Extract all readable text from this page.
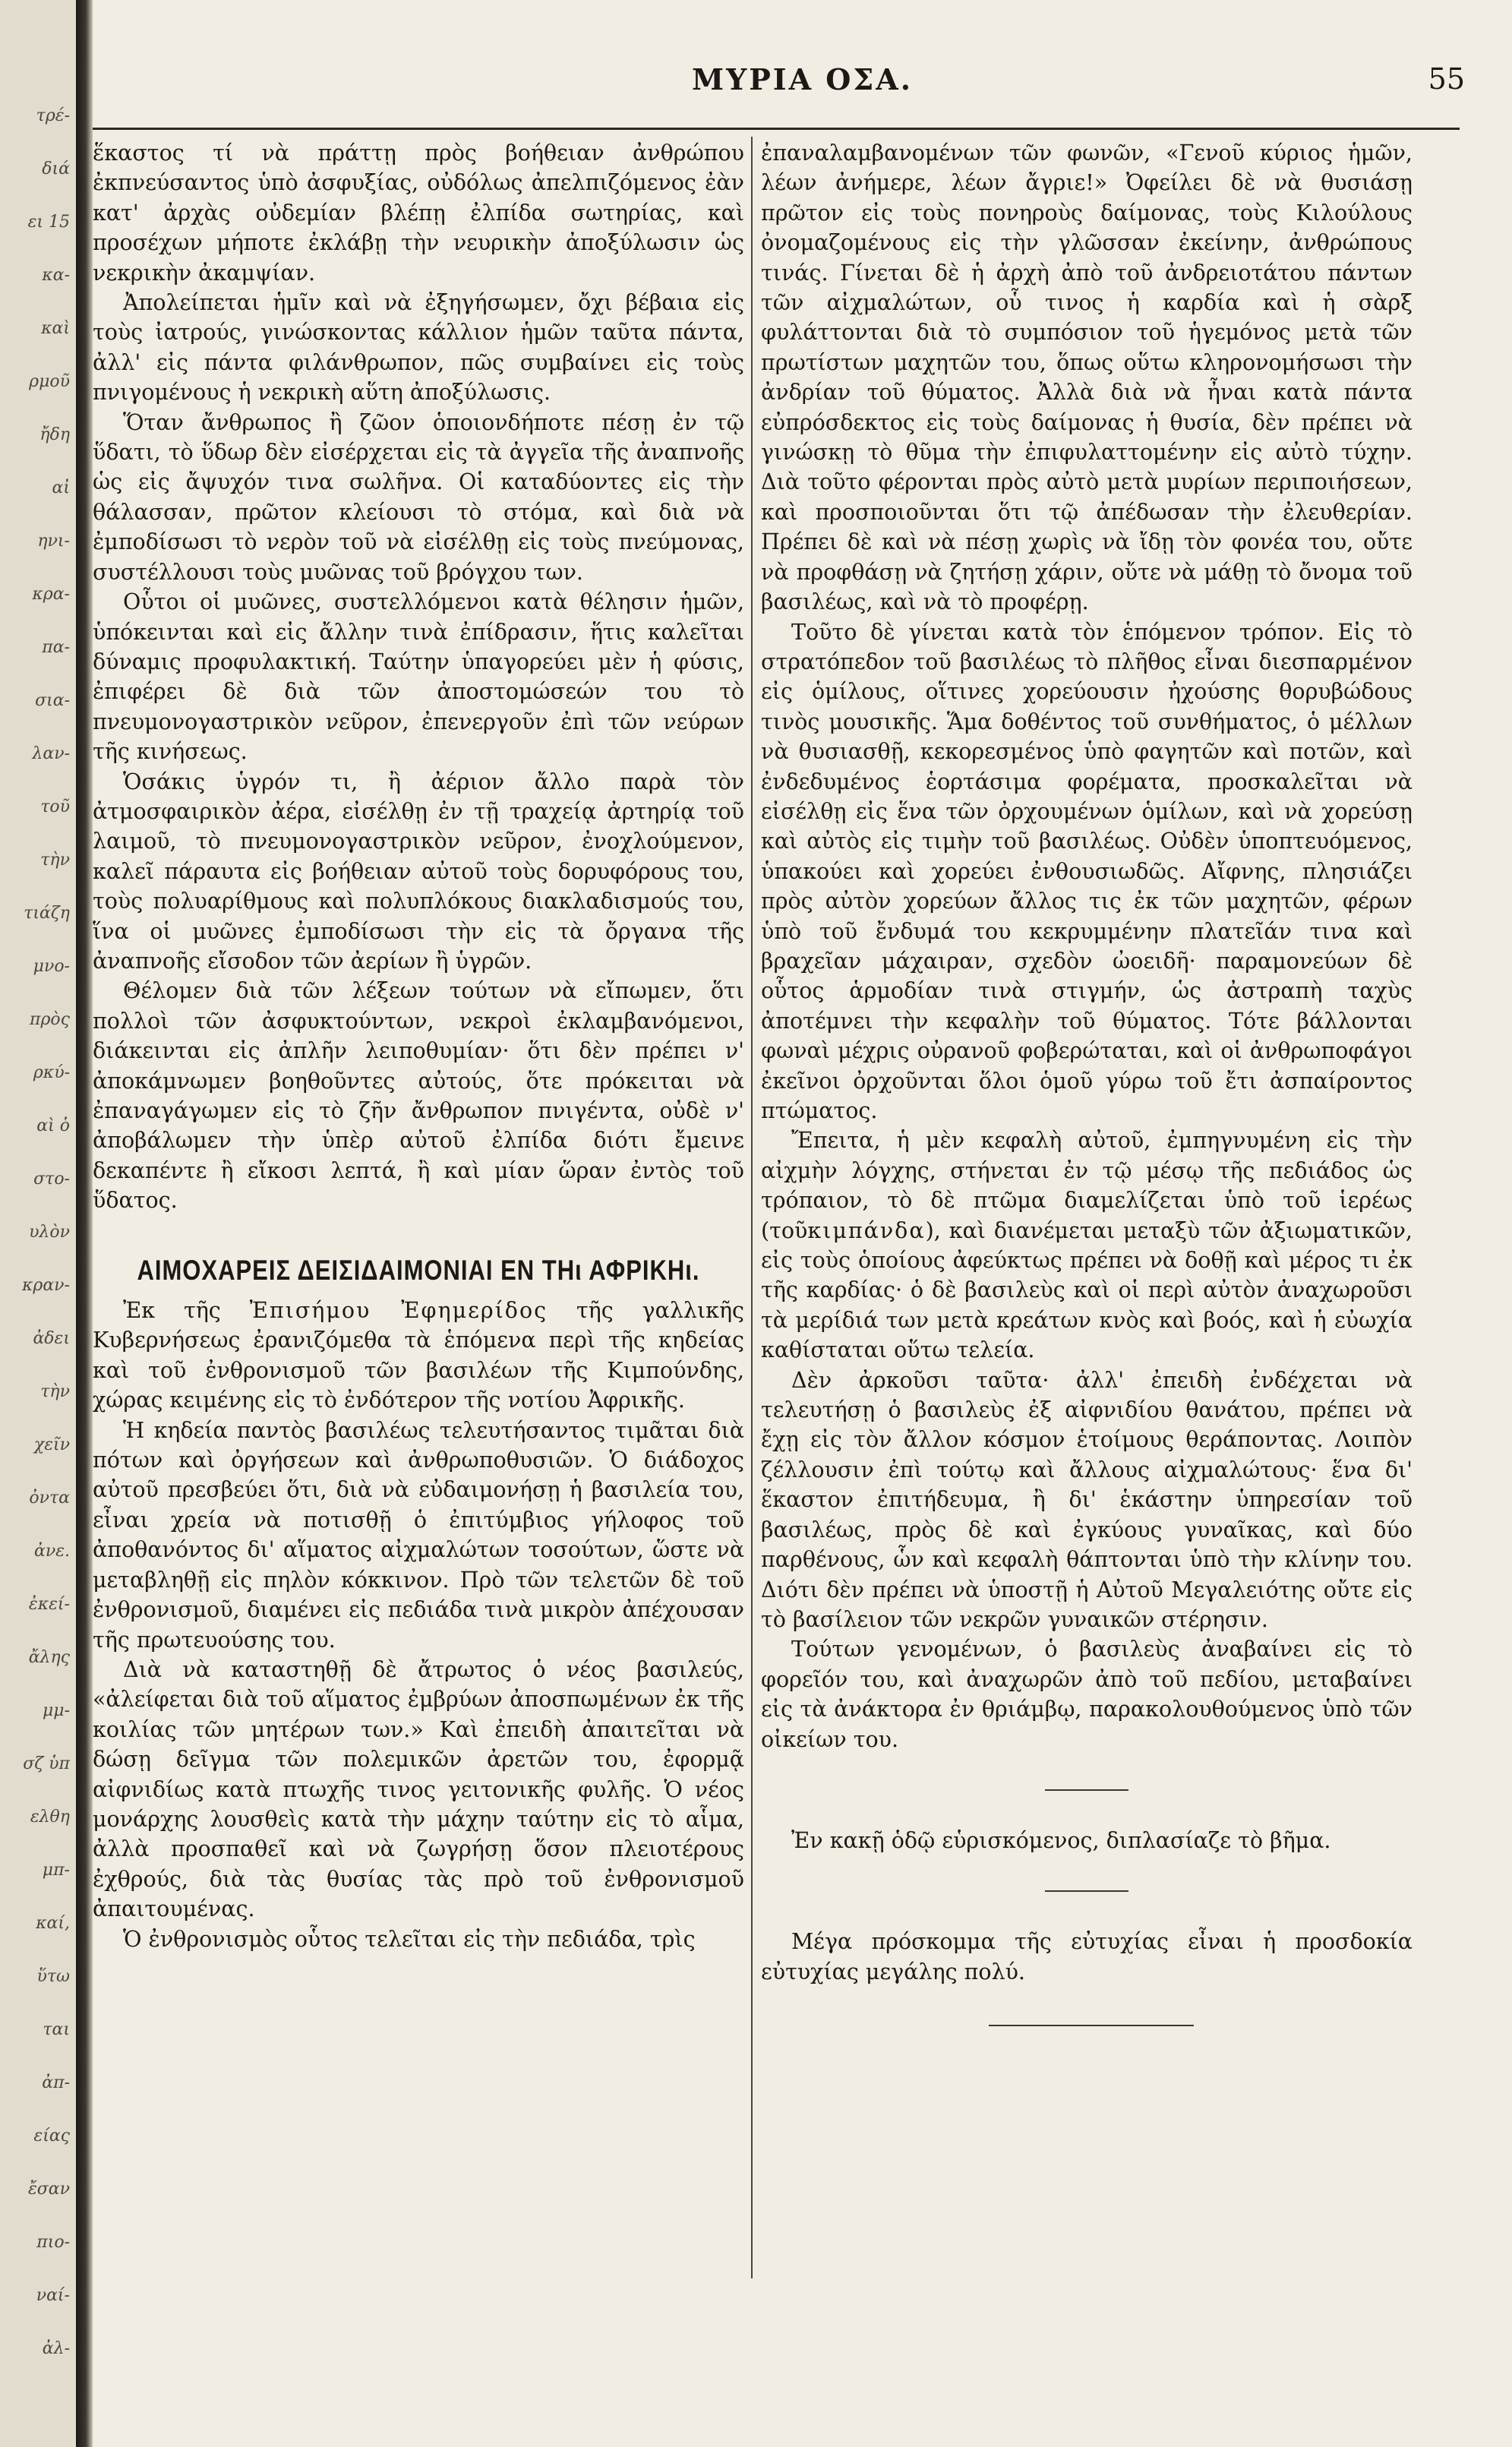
τρέ-
διά
ει 15
κα-
καὶ
ρμοῦ
ἤδη
αἰ
ηνι-
κρα-
πα-
σια-
λαν-
τοῦ
τὴν
τιάζη
μνο-
πρὸς
ρκύ-
αὶ ὁ
στο-
υλὸν
κραν-
ἀδει
τὴν
χεῖν
ὀντα
ἀνε.
ἐκεί-
ἄλης
μμ-
σζ ὑπ
ελθη
μπ-
καί,
ὕτω
ται
ἀπ-
είας
ἔσαν
πιο-
ναί-
ἀλ-
ΜΥΡΙΑ ΟΣΑ.	55

ἕκαστος τί νὰ πράττῃ πρὸς βοήθειαν ἀνθρώπου ἐκπνεύσαντος ὑπὸ ἀσφυξίας, οὐδόλως ἀπελπιζόμενος ἐὰν κατ' ἀρχὰς οὐδεμίαν βλέπῃ ἐλπίδα σωτηρίας, καὶ προσέχων μήποτε ἐκλάβῃ τὴν νευρικὴν ἀποξύλωσιν ὡς νεκρικὴν ἀκαμψίαν.

Ἀπολείπεται ἡμῖν καὶ νὰ ἐξηγήσωμεν, ὄχι βέβαια εἰς τοὺς ἰατρούς, γινώσκοντας κάλλιον ἡμῶν ταῦτα πάντα, ἀλλ' εἰς πάντα φιλάνθρωπον, πῶς συμβαίνει εἰς τοὺς πνιγομένους ἡ νεκρικὴ αὕτη ἀποξύλωσις.

Ὅταν ἄνθρωπος ἢ ζῶον ὁποιονδήποτε πέσῃ ἐν τῷ ὕδατι, τὸ ὕδωρ δὲν εἰσέρχεται εἰς τὰ ἀγγεῖα τῆς ἀναπνοῆς ὡς εἰς ἄψυχόν τινα σωλῆνα. Οἱ καταδύοντες εἰς τὴν θάλασσαν, πρῶτον κλείουσι τὸ στόμα, καὶ διὰ νὰ ἐμποδίσωσι τὸ νερὸν τοῦ νὰ εἰσέλθῃ εἰς τοὺς πνεύμονας, συστέλλουσι τοὺς μυῶνας τοῦ βρόγχου των.

Οὗτοι οἱ μυῶνες, συστελλόμενοι κατὰ θέλησιν ἡμῶν, ὑπόκεινται καὶ εἰς ἄλλην τινὰ ἐπίδρασιν, ἥτις καλεῖται δύναμις προφυλακτική. Ταύτην ὑπαγορεύει μὲν ἡ φύσις, ἐπιφέρει δὲ διὰ τῶν ἀποστομώσεών του τὸ πνευμονογαστρικὸν νεῦρον, ἐπενεργοῦν ἐπὶ τῶν νεύρων τῆς κινήσεως.

Ὁσάκις ὑγρόν τι, ἢ ἀέριον ἄλλο παρὰ τὸν ἀτμοσφαιρικὸν ἀέρα, εἰσέλθῃ ἐν τῇ τραχείᾳ ἀρτηρίᾳ τοῦ λαιμοῦ, τὸ πνευμονογαστρικὸν νεῦρον, ἐνοχλούμενον, καλεῖ πάραυτα εἰς βοήθειαν αὐτοῦ τοὺς δορυφόρους του, τοὺς πολυαρίθμους καὶ πολυπλόκους διακλαδισμούς του, ἵνα οἱ μυῶνες ἐμποδίσωσι τὴν εἰς τὰ ὄργανα τῆς ἀναπνοῆς εἴσοδον τῶν ἀερίων ἢ ὑγρῶν.

Θέλομεν διὰ τῶν λέξεων τούτων νὰ εἴπωμεν, ὅτι πολλοὶ τῶν ἀσφυκτούντων, νεκροὶ ἐκλαμβανόμενοι, διάκεινται εἰς ἀπλῆν λειποθυμίαν· ὅτι δὲν πρέπει ν' ἀποκάμνωμεν βοηθοῦντες αὐτούς, ὅτε πρόκειται νὰ ἐπαναγάγωμεν εἰς τὸ ζῆν ἄνθρωπον πνιγέντα, οὐδὲ ν' ἀποβάλωμεν τὴν ὑπὲρ αὐτοῦ ἐλπίδα διότι ἔμεινε δεκαπέντε ἢ εἴκοσι λεπτά, ἢ καὶ μίαν ὥραν ἐντὸς τοῦ ὕδατος.

ΑΙΜΟΧΑΡΕΙΣ ΔΕΙΣΙΔΑΙΜΟΝΙΑΙ ΕΝ ΤΗι ΑΦΡΙΚΗι.

Ἐκ τῆς Ἐπισήμου Ἐφημερίδος τῆς γαλλικῆς Κυβερνήσεως ἐρανιζόμεθα τὰ ἑπόμενα περὶ τῆς κηδείας καὶ τοῦ ἐνθρονισμοῦ τῶν βασιλέων τῆς Κιμπούνδης, χώρας κειμένης εἰς τὸ ἐνδότερον τῆς νοτίου Ἀφρικῆς.

Ἡ κηδεία παντὸς βασιλέως τελευτήσαντος τιμᾶται διὰ πότων καὶ ὀργήσεων καὶ ἀνθρωποθυσιῶν. Ὁ διάδοχος αὐτοῦ πρεσβεύει ὅτι, διὰ νὰ εὐδαιμονήσῃ ἡ βασιλεία του, εἶναι χρεία νὰ ποτισθῇ ὁ ἐπιτύμβιος γήλοφος τοῦ ἀποθανόντος δι' αἵματος αἰχμαλώτων τοσούτων, ὥστε νὰ μεταβληθῇ εἰς πηλὸν κόκκινον. Πρὸ τῶν τελετῶν δὲ τοῦ ἐνθρονισμοῦ, διαμένει εἰς πεδιάδα τινὰ μικρὸν ἀπέχουσαν τῆς πρωτευούσης του.

Διὰ νὰ καταστηθῇ δὲ ἄτρωτος ὁ νέος βασιλεύς, «ἀλείφεται διὰ τοῦ αἵματος ἐμβρύων ἀποσπωμένων ἐκ τῆς κοιλίας τῶν μητέρων των.» Καὶ ἐπειδὴ ἀπαιτεῖται νὰ δώσῃ δεῖγμα τῶν πολεμικῶν ἀρετῶν του, ἐφορμᾷ αἰφνιδίως κατὰ πτωχῆς τινος γειτονικῆς φυλῆς. Ὁ νέος μονάρχης λουσθεὶς κατὰ τὴν μάχην ταύτην εἰς τὸ αἷμα, ἀλλὰ προσπαθεῖ καὶ νὰ ζωγρήσῃ ὅσον πλειοτέρους ἐχθρούς, διὰ τὰς θυσίας τὰς πρὸ τοῦ ἐνθρονισμοῦ ἀπαιτουμένας.

Ὁ ἐνθρονισμὸς οὗτος τελεῖται εἰς τὴν πεδιάδα, τρὶς

ἐπαναλαμβανομένων τῶν φωνῶν, «Γενοῦ κύριος ἡμῶν, λέων ἀνήμερε, λέων ἄγριε!» Ὀφείλει δὲ νὰ θυσιάσῃ πρῶτον εἰς τοὺς πονηροὺς δαίμονας, τοὺς Κιλούλους ὀνομαζομένους εἰς τὴν γλῶσσαν ἐκείνην, ἀνθρώπους τινάς. Γίνεται δὲ ἡ ἀρχὴ ἀπὸ τοῦ ἀνδρειοτάτου πάντων τῶν αἰχμαλώτων, οὗ τινος ἡ καρδία καὶ ἡ σὰρξ φυλάττονται διὰ τὸ συμπόσιον τοῦ ἡγεμόνος μετὰ τῶν πρωτίστων μαχητῶν του, ὅπως οὕτω κληρονομήσωσι τὴν ἀνδρίαν τοῦ θύματος. Ἀλλὰ διὰ νὰ ἦναι κατὰ πάντα εὐπρόσδεκτος εἰς τοὺς δαίμονας ἡ θυσία, δὲν πρέπει νὰ γινώσκῃ τὸ θῦμα τὴν ἐπιφυλαττομένην εἰς αὐτὸ τύχην. Διὰ τοῦτο φέρονται πρὸς αὐτὸ μετὰ μυρίων περιποιήσεων, καὶ προσποιοῦνται ὅτι τῷ ἀπέδωσαν τὴν ἐλευθερίαν. Πρέπει δὲ καὶ νὰ πέσῃ χωρὶς νὰ ἴδῃ τὸν φονέα του, οὔτε νὰ προφθάσῃ νὰ ζητήσῃ χάριν, οὔτε νὰ μάθῃ τὸ ὄνομα τοῦ βασιλέως, καὶ νὰ τὸ προφέρῃ.

Τοῦτο δὲ γίνεται κατὰ τὸν ἑπόμενον τρόπον. Εἰς τὸ στρατόπεδον τοῦ βασιλέως τὸ πλῆθος εἶναι διεσπαρμένον εἰς ὁμίλους, οἵτινες χορεύουσιν ἠχούσης θορυβώδους τινὸς μουσικῆς. Ἅμα δοθέντος τοῦ συνθήματος, ὁ μέλλων νὰ θυσιασθῇ, κεκορεσμένος ὑπὸ φαγητῶν καὶ ποτῶν, καὶ ἐνδεδυμένος ἑορτάσιμα φορέματα, προσκαλεῖται νὰ εἰσέλθῃ εἰς ἕνα τῶν ὀρχουμένων ὁμίλων, καὶ νὰ χορεύσῃ καὶ αὐτὸς εἰς τιμὴν τοῦ βασιλέως. Οὐδὲν ὑποπτευόμενος, ὑπακούει καὶ χορεύει ἐνθουσιωδῶς. Αἴφνης, πλησιάζει πρὸς αὐτὸν χορεύων ἄλλος τις ἐκ τῶν μαχητῶν, φέρων ὑπὸ τοῦ ἔνδυμά του κεκρυμμένην πλατεῖάν τινα καὶ βραχεῖαν μάχαιραν, σχεδὸν ὠοειδῆ· παραμονεύων δὲ οὗτος ἁρμοδίαν τινὰ στιγμήν, ὡς ἀστραπὴ ταχὺς ἀποτέμνει τὴν κεφαλὴν τοῦ θύματος. Τότε βάλλονται φωναὶ μέχρις οὐρανοῦ φοβερώταται, καὶ οἱ ἀνθρωποφάγοι ἐκεῖνοι ὀρχοῦνται ὅλοι ὁμοῦ γύρω τοῦ ἔτι ἀσπαίροντος πτώματος.

Ἔπειτα, ἡ μὲν κεφαλὴ αὐτοῦ, ἐμπηγνυμένη εἰς τὴν αἰχμὴν λόγχης, στήνεται ἐν τῷ μέσῳ τῆς πεδιάδος ὡς τρόπαιον, τὸ δὲ πτῶμα διαμελίζεται ὑπὸ τοῦ ἱερέως (τοῦκιμπάνδα), καὶ διανέμεται μεταξὺ τῶν ἀξιωματικῶν, εἰς τοὺς ὁποίους ἀφεύκτως πρέπει νὰ δοθῇ καὶ μέρος τι ἐκ τῆς καρδίας· ὁ δὲ βασιλεὺς καὶ οἱ περὶ αὐτὸν ἀναχωροῦσι τὰ μερίδιά των μετὰ κρεάτων κνὸς καὶ βοός, καὶ ἡ εὐωχία καθίσταται οὕτω τελεία.

Δὲν ἀρκοῦσι ταῦτα· ἀλλ' ἐπειδὴ ἐνδέχεται νὰ τελευτήσῃ ὁ βασιλεὺς ἐξ αἰφνιδίου θανάτου, πρέπει νὰ ἔχῃ εἰς τὸν ἄλλον κόσμον ἑτοίμους θεράποντας. Λοιπὸν ζέλλουσιν ἐπὶ τούτῳ καὶ ἄλλους αἰχμαλώτους· ἕνα δι' ἕκαστον ἐπιτήδευμα, ἢ δι' ἑκάστην ὑπηρεσίαν τοῦ βασιλέως, πρὸς δὲ καὶ ἐγκύους γυναῖκας, καὶ δύο παρθένους, ὧν καὶ κεφαλὴ θάπτονται ὑπὸ τὴν κλίνην του. Διότι δὲν πρέπει νὰ ὑποστῇ ἡ Αὐτοῦ Μεγαλειότης οὔτε εἰς τὸ βασίλειον τῶν νεκρῶν γυναικῶν στέρησιν.

Τούτων γενομένων, ὁ βασιλεὺς ἀναβαίνει εἰς τὸ φορεῖόν του, καὶ ἀναχωρῶν ἀπὸ τοῦ πεδίου, μεταβαίνει εἰς τὰ ἀνάκτορα ἐν θριάμβῳ, παρακολουθούμενος ὑπὸ τῶν οἰκείων του.

Ἐν κακῇ ὁδῷ εὑρισκόμενος, διπλασίαζε τὸ βῆμα.

Μέγα πρόσκομμα τῆς εὐτυχίας εἶναι ἡ προσδοκία εὐτυχίας μεγάλης πολύ.
